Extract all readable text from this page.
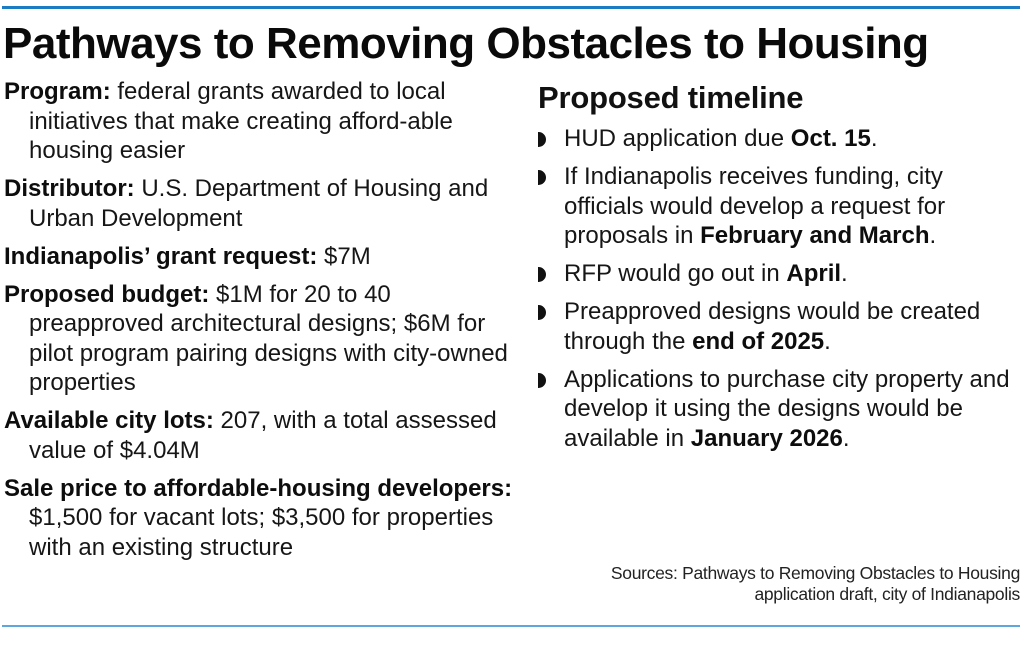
Pathways to Removing Obstacles to Housing

Program: federal grants awarded to local initiatives that make creating afford-able housing easier

Distributor: U.S. Department of Housing and Urban Development

Indianapolis’ grant request: $7M

Proposed budget: $1M for 20 to 40 preapproved architectural designs; $6M for pilot program pairing designs with city-owned properties

Available city lots: 207, with a total assessed value of $4.04M

Sale price to affordable-housing developers: $1,500 for vacant lots; $3,500 for properties with an existing structure

Proposed timeline
HUD application due Oct. 15.
If Indianapolis receives funding, city officials would develop a request for proposals in February and March.
RFP would go out in April.
Preapproved designs would be created through the end of 2025.
Applications to purchase city property and develop it using the designs would be available in January 2026.
Sources: Pathways to Removing Obstacles to Housing
application draft, city of Indianapolis
